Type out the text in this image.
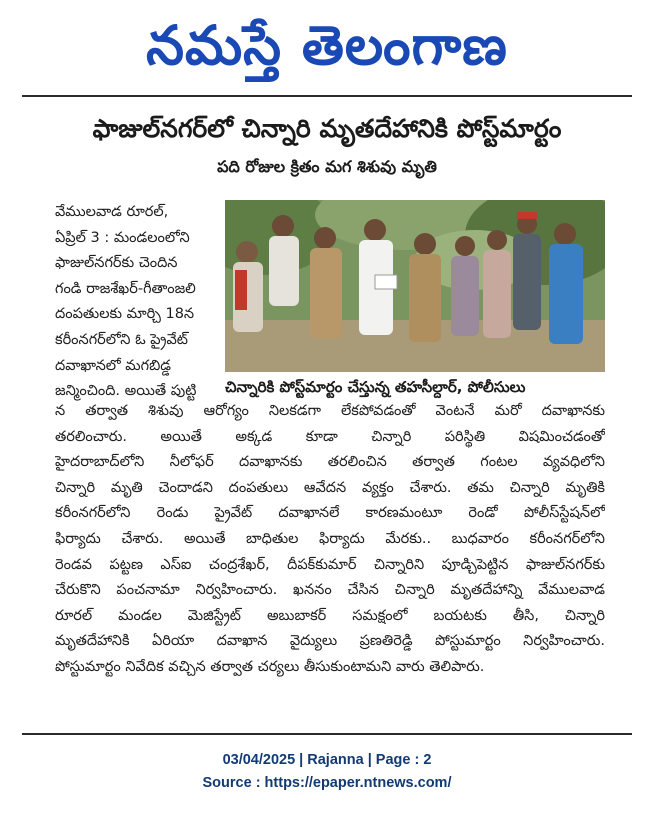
నమస్తే తెలంగాణ
ఫాజుల్‌నగర్‌లో చిన్నారి మృతదేహానికి పోస్ట్‌మార్టం
పది రోజుల క్రితం మగ శిశువు మృతి
వేములవాడ రూరల్,
ఏప్రిల్ 3 : మండలంలోని
ఫాజుల్‌నగర్‌కు చెందిన
గండి రాజశేఖర్-గీతాంజలి
దంపతులకు మార్చి 18న
కరీంనగర్‌లోని ఓ ప్రైవేట్
దవాఖానలో మగబిడ్డ
జన్మించింది. అయితే పుట్టి	చిన్నారికి పోస్ట్‌మార్టం చేస్తున్న తహసీల్దార్, పోలీసులు
న తర్వాత శిశువు ఆరోగ్యం నిలకడగా లేకపోవడంతో వెంటనే మరో దవాఖానకు
తరలించారు. అయితే అక్కడ కూడా చిన్నారి పరిస్థితి విషమించడంతో
హైదరాబాద్‌లోని నీలోఫర్ దవాఖానకు తరలించిన తర్వాత గంటల వ్యవధిలోని
చిన్నారి మృతి చెందాడని దంపతులు ఆవేదన వ్యక్తం చేశారు. తమ చిన్నారి మృతికి
కరీంనగర్‌లోని రెండు ప్రైవేట్ దవాఖానలే కారణమంటూ రెండో పోలీస్‌స్టేషన్‌లో
ఫిర్యాదు చేశారు. అయితే బాధితుల ఫిర్యాదు మేరకు.. బుధవారం కరీంనగర్‌లోని
రెండవ పట్టణ ఎస్ఐ చంద్రశేఖర్, దీపక్‌కుమార్ చిన్నారిని పూడ్చిపెట్టిన ఫాజుల్‌నగర్‌కు
చేరుకొని పంచనామా నిర్వహించారు. ఖననం చేసిన చిన్నారి మృతదేహాన్ని వేములవాడ
రూరల్ మండల మెజిస్ట్రేట్ అబుబాకర్ సమక్షంలో బయటకు తీసి, చిన్నారి
మృతదేహానికి ఏరియా దవాఖాన వైద్యులు ప్రణతిరెడ్డి పోస్టుమార్టం నిర్వహించారు.
పోస్టుమార్టం నివేదిక వచ్చిన తర్వాత చర్యలు తీసుకుంటామని వారు తెలిపారు.
03/04/2025 | Rajanna | Page : 2
Source : https://epaper.ntnews.com/
